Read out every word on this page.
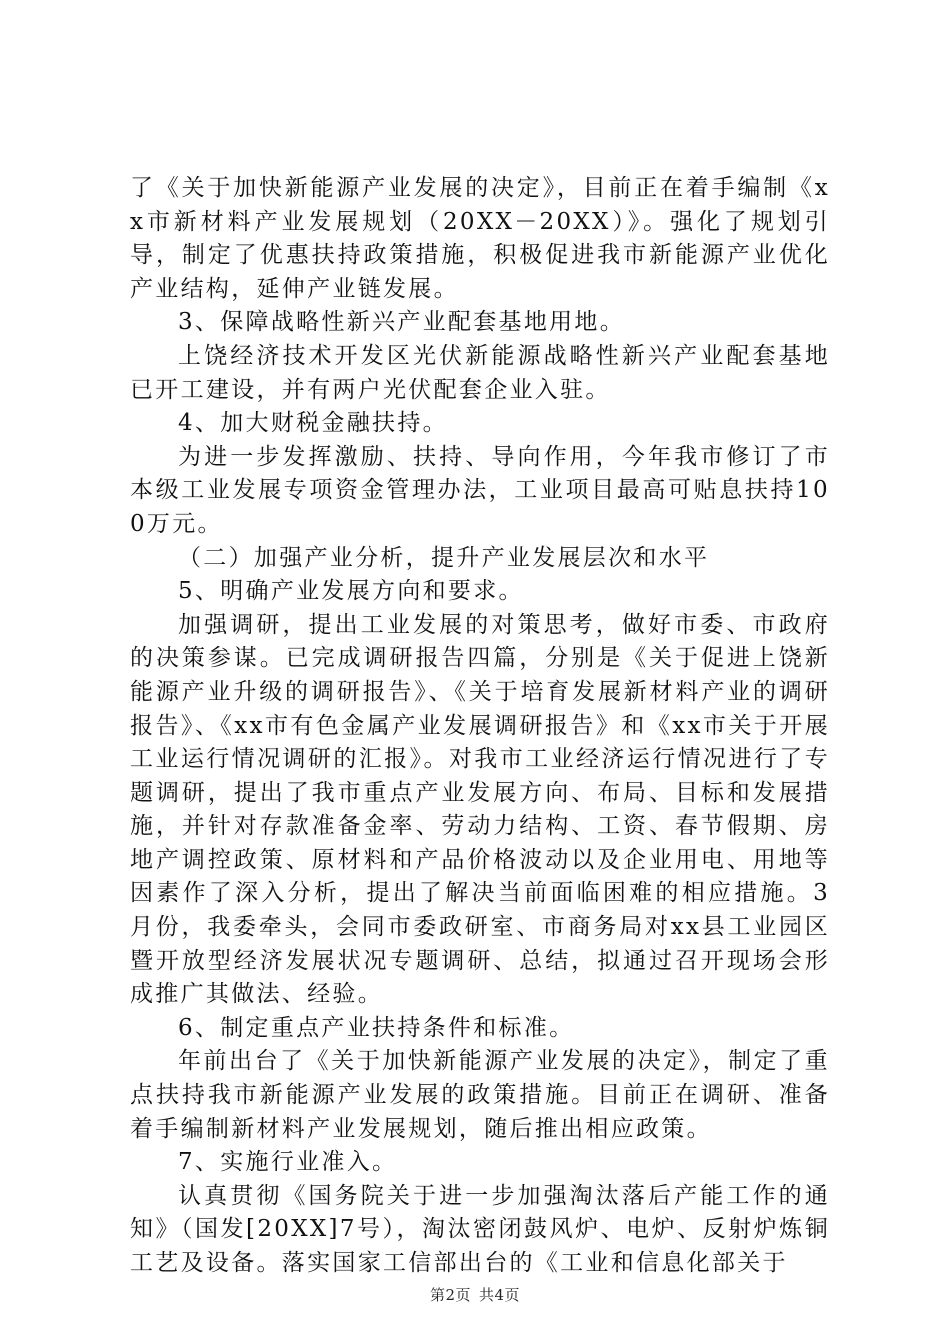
了《关于加快新能源产业发展的决定》，目前正在着手编制《xx市新材料产业发展规划（20XX－20XX）》。强化了规划引导，制定了优惠扶持政策措施，积极促进我市新能源产业优化产业结构，延伸产业链发展。

3、保障战略性新兴产业配套基地用地。

上饶经济技术开发区光伏新能源战略性新兴产业配套基地已开工建设，并有两户光伏配套企业入驻。

4、加大财税金融扶持。

为进一步发挥激励、扶持、导向作用，今年我市修订了市本级工业发展专项资金管理办法，工业项目最高可贴息扶持100万元。

（二）加强产业分析，提升产业发展层次和水平

5、明确产业发展方向和要求。

加强调研，提出工业发展的对策思考，做好市委、市政府的决策参谋。已完成调研报告四篇，分别是《关于促进上饶新能源产业升级的调研报告》、《关于培育发展新材料产业的调研报告》、《xx市有色金属产业发展调研报告》和《xx市关于开展工业运行情况调研的汇报》。对我市工业经济运行情况进行了专题调研，提出了我市重点产业发展方向、布局、目标和发展措施，并针对存款准备金率、劳动力结构、工资、春节假期、房地产调控政策、原材料和产品价格波动以及企业用电、用地等因素作了深入分析，提出了解决当前面临困难的相应措施。3月份，我委牵头，会同市委政研室、市商务局对xx县工业园区暨开放型经济发展状况专题调研、总结，拟通过召开现场会形成推广其做法、经验。

6、制定重点产业扶持条件和标准。

年前出台了《关于加快新能源产业发展的决定》，制定了重点扶持我市新能源产业发展的政策措施。目前正在调研、准备着手编制新材料产业发展规划，随后推出相应政策。

7、实施行业准入。

认真贯彻《国务院关于进一步加强淘汰落后产能工作的通知》（国发[20XX]7号），淘汰密闭鼓风炉、电炉、反射炉炼铜工艺及设备。落实国家工信部出台的《工业和信息化部关于

第2页 共4页
